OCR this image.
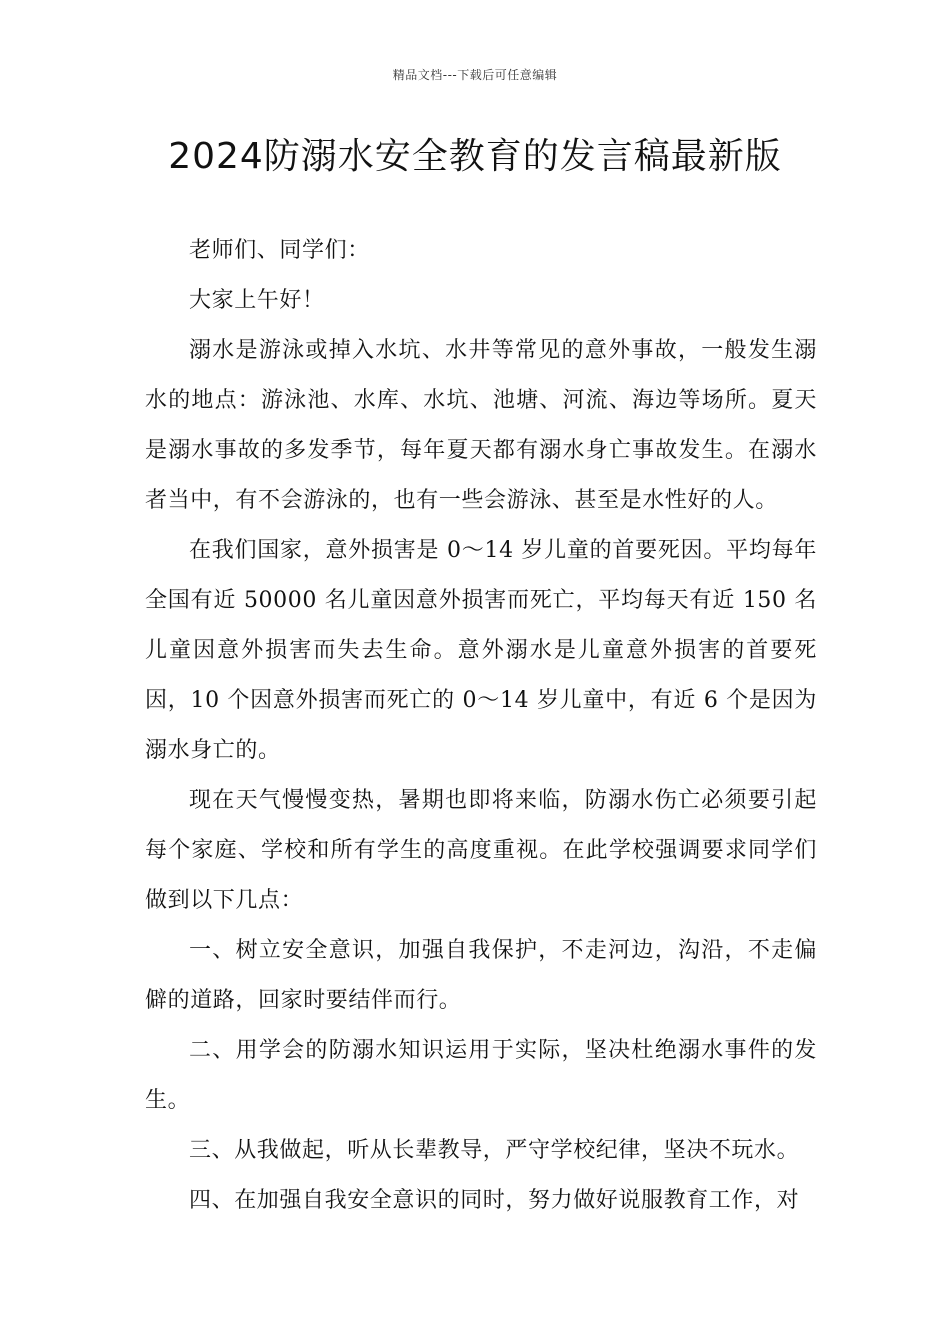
精品文档---下载后可任意编辑
2024防溺水安全教育的发言稿最新版

老师们、同学们：

大家上午好！

溺水是游泳或掉入水坑、水井等常见的意外事故，一般发生溺水的地点：游泳池、水库、水坑、池塘、河流、海边等场所。夏天是溺水事故的多发季节，每年夏天都有溺水身亡事故发生。在溺水者当中，有不会游泳的，也有一些会游泳、甚至是水性好的人。

在我们国家，意外损害是 0～14 岁儿童的首要死因。平均每年全国有近 50000 名儿童因意外损害而死亡，平均每天有近 150 名儿童因意外损害而失去生命。意外溺水是儿童意外损害的首要死因，10 个因意外损害而死亡的 0～14 岁儿童中，有近 6 个是因为溺水身亡的。

现在天气慢慢变热，暑期也即将来临，防溺水伤亡必须要引起每个家庭、学校和所有学生的高度重视。在此学校强调要求同学们做到以下几点：

一、树立安全意识，加强自我保护，不走河边，沟沿，不走偏僻的道路，回家时要结伴而行。

二、用学会的防溺水知识运用于实际，坚决杜绝溺水事件的发生。

三、从我做起，听从长辈教导，严守学校纪律，坚决不玩水。

四、在加强自我安全意识的同时，努力做好说服教育工作，对
